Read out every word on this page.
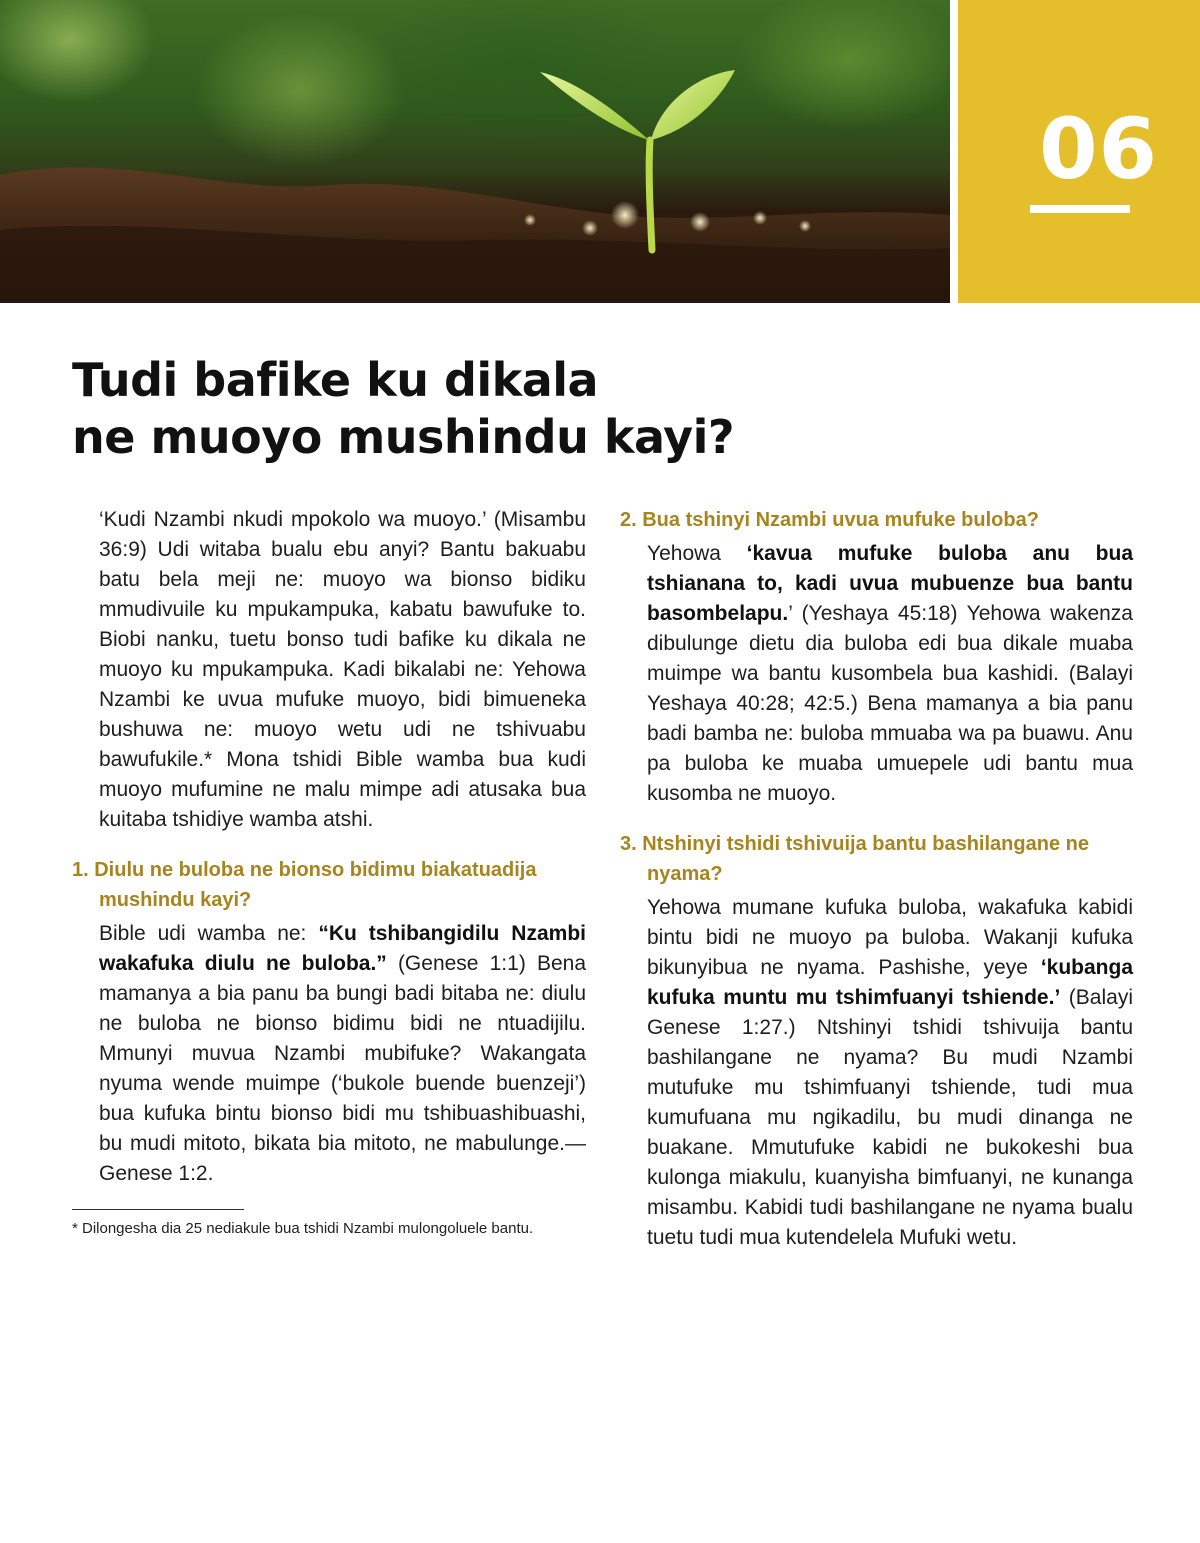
06
Tudi bafike ku dikala
ne muoyo mushindu kayi?

‘Kudi Nzambi nkudi mpokolo wa muoyo.’ (Misambu 36:9) Udi witaba bualu ebu anyi? Bantu bakuabu batu bela meji ne: muoyo wa bionso bidiku mmudivuile ku mpukampuka, kabatu bawufuke to. Biobi nanku, tuetu bonso tudi bafike ku dikala ne muoyo ku mpukampuka. Kadi bikalabi ne: Yehowa Nzambi ke uvua mufuke muoyo, bidi bimueneka bushuwa ne: muoyo wetu udi ne tshivuabu bawufukile.* Mona tshidi Bible wamba bua kudi muoyo mufumine ne malu mimpe adi atusaka bua kuitaba tshidiye wamba atshi.

1. Diulu ne buloba ne bionso bidimu biakatuadija mushindu kayi?

Bible udi wamba ne: “Ku tshibangidilu Nzambi wakafuka diulu ne buloba.” (Genese 1:1) Bena mamanya a bia panu ba bungi badi bitaba ne: diulu ne buloba ne bionso bidimu bidi ne ntuadijilu. Mmunyi muvua Nzambi mubifuke? Wakangata nyuma wende muimpe (‘bukole buende buenzeji’) bua kufuka bintu bionso bidi mu tshibuashibuashi, bu mudi mitoto, bikata bia mitoto, ne mabulunge.—Genese 1:2.

* Dilongesha dia 25 nediakule bua tshidi Nzambi mulongoluele bantu.

2. Bua tshinyi Nzambi uvua mufuke buloba?

Yehowa ‘kavua mufuke buloba anu bua tshianana to, kadi uvua mubuenze bua bantu basombelapu.’ (Yeshaya 45:18) Yehowa wakenza dibulunge dietu dia buloba edi bua dikale muaba muimpe wa bantu kusombela bua kashidi. (Balayi Yeshaya 40:28; 42:5.) Bena mamanya a bia panu badi bamba ne: buloba mmuaba wa pa buawu. Anu pa buloba ke muaba umuepele udi bantu mua kusomba ne muoyo.

3. Ntshinyi tshidi tshivuija bantu bashilangane ne nyama?

Yehowa mumane kufuka buloba, wakafuka kabidi bintu bidi ne muoyo pa buloba. Wakanji kufuka bikunyibua ne nyama. Pashishe, yeye ‘kubanga kufuka muntu mu tshimfuanyi tshiende.’ (Balayi Genese 1:27.) Ntshinyi tshidi tshivuija bantu bashilangane ne nyama? Bu mudi Nzambi mutufuke mu tshimfuanyi tshiende, tudi mua kumufuana mu ngikadilu, bu mudi dinanga ne buakane. Mmutufuke kabidi ne bukokeshi bua kulonga miakulu, kuanyisha bimfuanyi, ne kunanga misambu. Kabidi tudi bashilangane ne nyama bualu tuetu tudi mua kutendelela Mufuki wetu.
